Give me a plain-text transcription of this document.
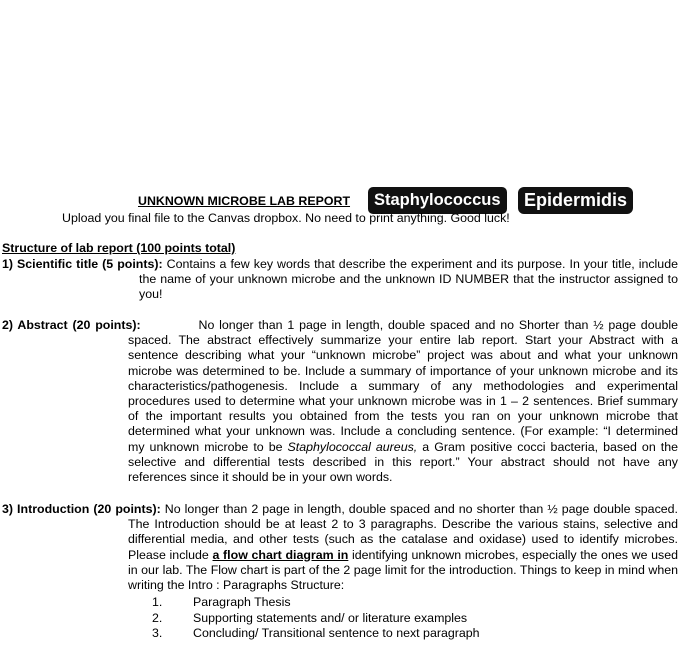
UNKNOWN MICROBE LAB REPORT	Staphylococcus	Epidermidis
Upload you final file to the Canvas dropbox. No need to print anything. Good luck!
Structure of lab report (100 points total)
1) Scientific title (5 points): Contains a few key words that describe the experiment and its purpose. In your title, include the name of your unknown microbe and the unknown ID NUMBER that the instructor assigned to you!
2) Abstract (20 points):	No longer than 1 page in length, double spaced and no Shorter than ½ page double spaced. The abstract effectively summarize your entire lab report. Start your Abstract with a sentence describing what your “unknown microbe” project was about and what your unknown microbe was determined to be. Include a summary of importance of your unknown microbe and its characteristics/pathogenesis. Include a summary of any methodologies and experimental procedures used to determine what your unknown microbe was in 1 – 2 sentences. Brief summary of the important results you obtained from the tests you ran on your unknown microbe that determined what your unknown was. Include a concluding sentence. (For example: “I determined my unknown microbe to be Staphylococcal aureus, a Gram positive cocci bacteria, based on the selective and differential tests described in this report.” Your abstract should not have any references since it should be in your own words.
3) Introduction (20 points): No longer than 2 page in length, double spaced and no shorter than ½ page double spaced. The Introduction should be at least 2 to 3 paragraphs. Describe the various stains, selective and differential media, and other tests (such as the catalase and oxidase) used to identify microbes. Please include a flow chart diagram in identifying unknown microbes, especially the ones we used in our lab. The Flow chart is part of the 2 page limit for the introduction. Things to keep in mind when writing the Intro : Paragraphs Structure:
1. Paragraph Thesis
2. Supporting statements and/ or literature examples
3. Concluding/ Transitional sentence to next paragraph
